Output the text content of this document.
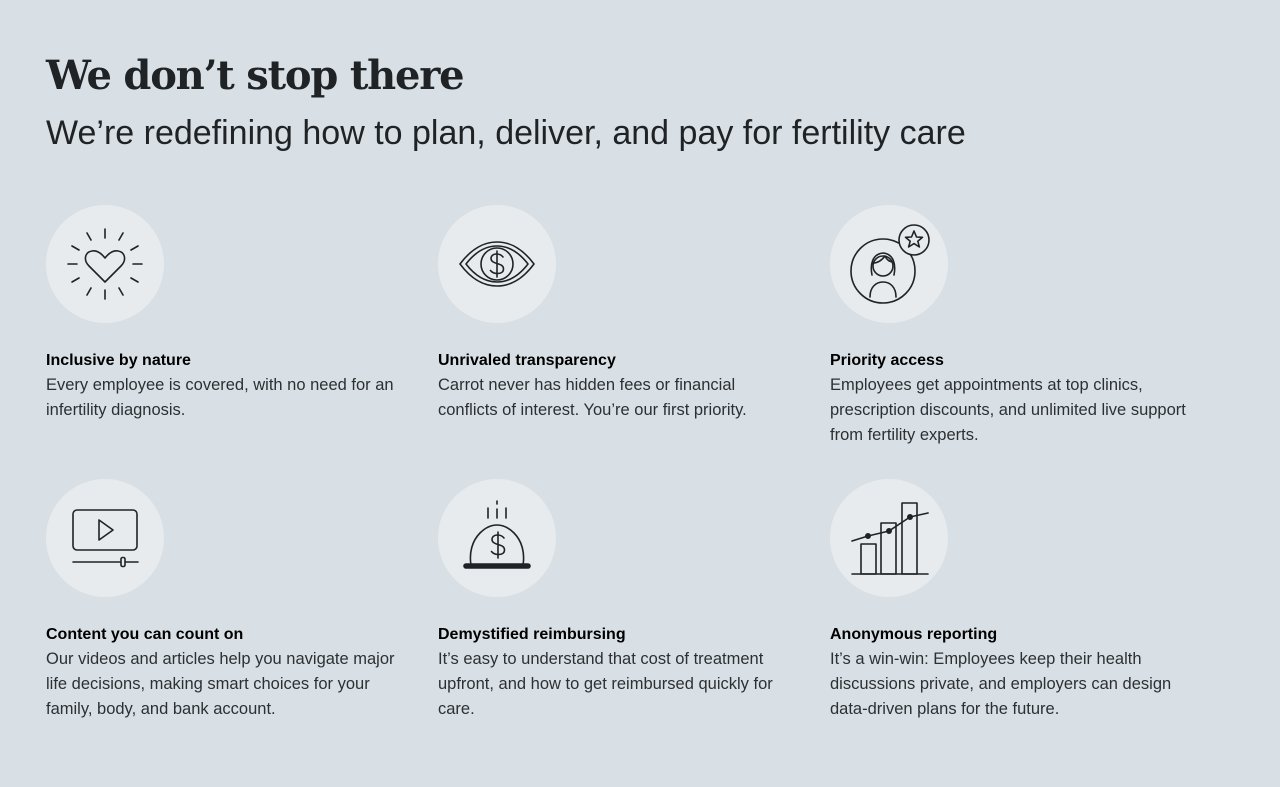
We don’t stop there
We’re redefining how to plan, deliver, and pay for fertility care
Inclusive by nature
Every employee is covered, with no need for an infertility diagnosis.
Unrivaled transparency
Carrot never has hidden fees or financial conflicts of interest. You’re our first priority.
Priority access
Employees get appointments at top clinics, prescription discounts, and unlimited live support from fertility experts.
Content you can count on
Our videos and articles help you navigate major life decisions, making smart choices for your family, body, and bank account.
Demystified reimbursing
It’s easy to understand that cost of treatment upfront, and how to get reimbursed quickly for care.
Anonymous reporting
It’s a win-win: Employees keep their health discussions private, and employers can design data-driven plans for the future.
